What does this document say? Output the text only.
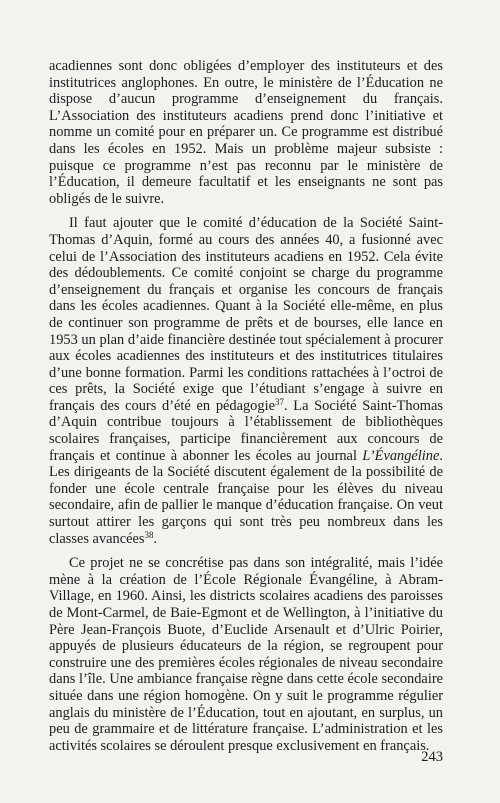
acadiennes sont donc obligées d’employer des instituteurs et des institutrices anglophones. En outre, le ministère de l’Éducation ne dispose d’aucun programme d’enseignement du français. L’Association des instituteurs acadiens prend donc l’initiative et nomme un comité pour en préparer un. Ce programme est distribué dans les écoles en 1952. Mais un problème majeur subsiste : puisque ce programme n’est pas reconnu par le ministère de l’Éducation, il demeure facultatif et les enseignants ne sont pas obligés de le suivre.

Il faut ajouter que le comité d’éducation de la Société Saint-Thomas d’Aquin, formé au cours des années 40, a fusionné avec celui de l’Association des instituteurs acadiens en 1952. Cela évite des dédoublements. Ce comité conjoint se charge du programme d’enseignement du français et organise les concours de français dans les écoles acadiennes. Quant à la Société elle-même, en plus de continuer son programme de prêts et de bourses, elle lance en 1953 un plan d’aide financière destinée tout spécialement à procurer aux écoles acadiennes des instituteurs et des institutrices titulaires d’une bonne formation. Parmi les conditions rattachées à l’octroi de ces prêts, la Société exige que l’étudiant s’engage à suivre en français des cours d’été en pédagogie$^{37}$. La Société Saint-Thomas d’Aquin contribue toujours à l’établissement de bibliothèques scolaires françaises, participe financièrement aux concours de français et continue à abonner les écoles au journal L’Évangéline. Les dirigeants de la Société discutent également de la possibilité de fonder une école centrale française pour les élèves du niveau secondaire, afin de pallier le manque d’éducation française. On veut surtout attirer les garçons qui sont très peu nombreux dans les classes avancées$^{38}$.

Ce projet ne se concrétise pas dans son intégralité, mais l’idée mène à la création de l’École Régionale Évangéline, à Abram-Village, en 1960. Ainsi, les districts scolaires acadiens des paroisses de Mont-Carmel, de Baie-Egmont et de Wellington, à l’initiative du Père Jean-François Buote, d’Euclide Arsenault et d’Ulric Poirier, appuyés de plusieurs éducateurs de la région, se regroupent pour construire une des premières écoles régionales de niveau secondaire dans l’île. Une ambiance française règne dans cette école secondaire située dans une région homogène. On y suit le programme régulier anglais du ministère de l’Éducation, tout en ajoutant, en surplus, un peu de grammaire et de littérature française. L’administration et les activités scolaires se déroulent presque exclusivement en français.

243
